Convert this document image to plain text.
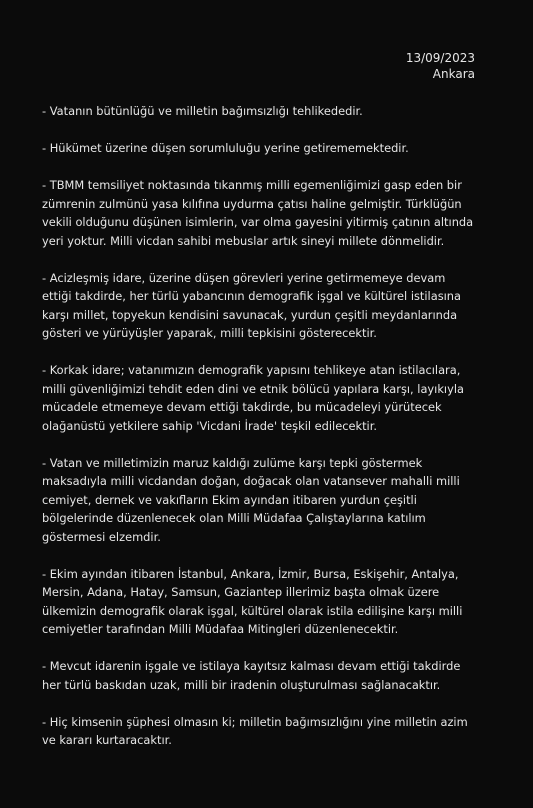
13/09/2023
Ankara

- Vatanın bütünlüğü ve milletin bağımsızlığı tehlikededir.

- Hükümet üzerine düşen sorumluluğu yerine getirememektedir.

- TBMM temsiliyet noktasında tıkanmış milli egemenliğimizi gasp eden bir zümrenin zulmünü yasa kılıfına uydurma çatısı haline gelmiştir. Türklüğün vekili olduğunu düşünen isimlerin, var olma gayesini yitirmiş çatının altında yeri yoktur. Milli vicdan sahibi mebuslar artık sineyi millete dönmelidir.

- Acizleşmiş idare, üzerine düşen görevleri yerine getirmemeye devam ettiği takdirde, her türlü yabancının demografik işgal ve kültürel istilasına karşı millet, topyekun kendisini savunacak, yurdun çeşitli meydanlarında gösteri ve yürüyüşler yaparak, milli tepkisini gösterecektir.

- Korkak idare; vatanımızın demografik yapısını tehlikeye atan istilacılara, milli güvenliğimizi tehdit eden dini ve etnik bölücü yapılara karşı, layıkıyla mücadele etmemeye devam ettiği takdirde, bu mücadeleyi yürütecek olağanüstü yetkilere sahip 'Vicdani İrade' teşkil edilecektir.

- Vatan ve milletimizin maruz kaldığı zulüme karşı tepki göstermek maksadıyla milli vicdandan doğan, doğacak olan vatansever mahalli milli cemiyet, dernek ve vakıfların Ekim ayından itibaren yurdun çeşitli bölgelerinde düzenlenecek olan Milli Müdafaa Çalıştaylarına katılım göstermesi elzemdir.

- Ekim ayından itibaren İstanbul, Ankara, İzmir, Bursa, Eskişehir, Antalya, Mersin, Adana, Hatay, Samsun, Gaziantep illerimiz başta olmak üzere ülkemizin demografik olarak işgal, kültürel olarak istila edilişine karşı milli cemiyetler tarafından Milli Müdafaa Mitingleri düzenlenecektir.

- Mevcut idarenin işgale ve istilaya kayıtsız kalması devam ettiği takdirde her türlü baskıdan uzak, milli bir iradenin oluşturulması sağlanacaktır.

- Hiç kimsenin şüphesi olmasın ki; milletin bağımsızlığını yine milletin azim ve kararı kurtaracaktır.
